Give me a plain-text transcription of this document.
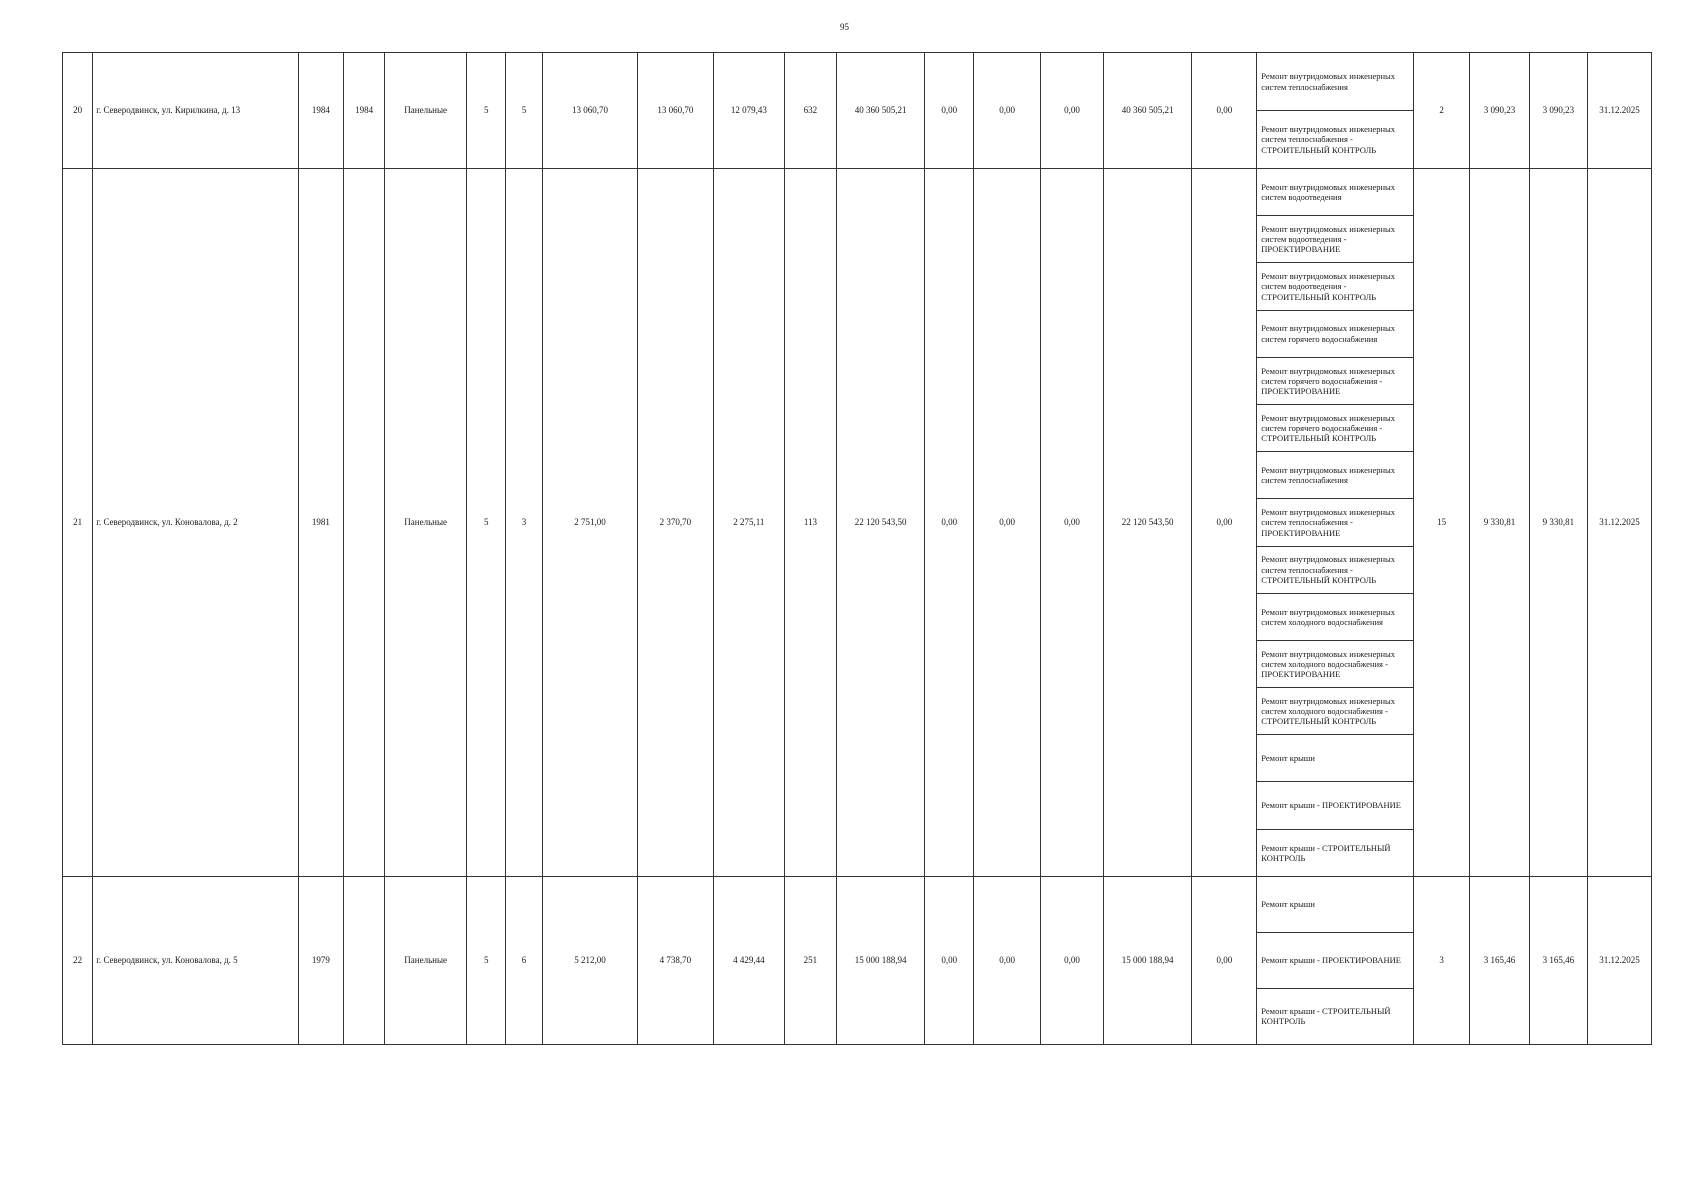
95
20	г. Северодвинск, ул. Кирилкина, д. 13	1984	1984	Панельные	5	5	13 060,70	13 060,70	12 079,43	632	40 360 505,21	0,00	0,00	0,00	40 360 505,21	0,00	Ремонт внутридомовых инженерных систем теплоснабжения	2	3 090,23	3 090,23	31.12.2025
																	Ремонт внутридомовых инженерных систем теплоснабжения - СТРОИТЕЛЬНЫЙ КОНТРОЛЬ				
21	г. Северодвинск, ул. Коновалова, д. 2	1981		Панельные	5	3	2 751,00	2 370,70	2 275,11	113	22 120 543,50	0,00	0,00	0,00	22 120 543,50	0,00	Ремонт внутридомовых инженерных систем водоотведения	15	9 330,81	9 330,81	31.12.2025
																	Ремонт внутридомовых инженерных систем водоотведения - ПРОЕКТИРОВАНИЕ				
																	Ремонт внутридомовых инженерных систем водоотведения - СТРОИТЕЛЬНЫЙ КОНТРОЛЬ				
																	Ремонт внутридомовых инженерных систем горячего водоснабжения				
																	Ремонт внутридомовых инженерных систем горячего водоснабжения - ПРОЕКТИРОВАНИЕ				
																	Ремонт внутридомовых инженерных систем горячего водоснабжения - СТРОИТЕЛЬНЫЙ КОНТРОЛЬ				
																	Ремонт внутридомовых инженерных систем теплоснабжения				
																	Ремонт внутридомовых инженерных систем теплоснабжения - ПРОЕКТИРОВАНИЕ				
																	Ремонт внутридомовых инженерных систем теплоснабжения - СТРОИТЕЛЬНЫЙ КОНТРОЛЬ				
																	Ремонт внутридомовых инженерных систем холодного водоснабжения				
																	Ремонт внутридомовых инженерных систем холодного водоснабжения - ПРОЕКТИРОВАНИЕ				
																	Ремонт внутридомовых инженерных систем холодного водоснабжения - СТРОИТЕЛЬНЫЙ КОНТРОЛЬ				
																	Ремонт крыши				
																	Ремонт крыши - ПРОЕКТИРОВАНИЕ				
																	Ремонт крыши - СТРОИТЕЛЬНЫЙ КОНТРОЛЬ				
22	г. Северодвинск, ул. Коновалова, д. 5	1979		Панельные	5	6	5 212,00	4 738,70	4 429,44	251	15 000 188,94	0,00	0,00	0,00	15 000 188,94	0,00	Ремонт крыши	3	3 165,46	3 165,46	31.12.2025
																	Ремонт крыши - ПРОЕКТИРОВАНИЕ				
																	Ремонт крыши - СТРОИТЕЛЬНЫЙ КОНТРОЛЬ				
